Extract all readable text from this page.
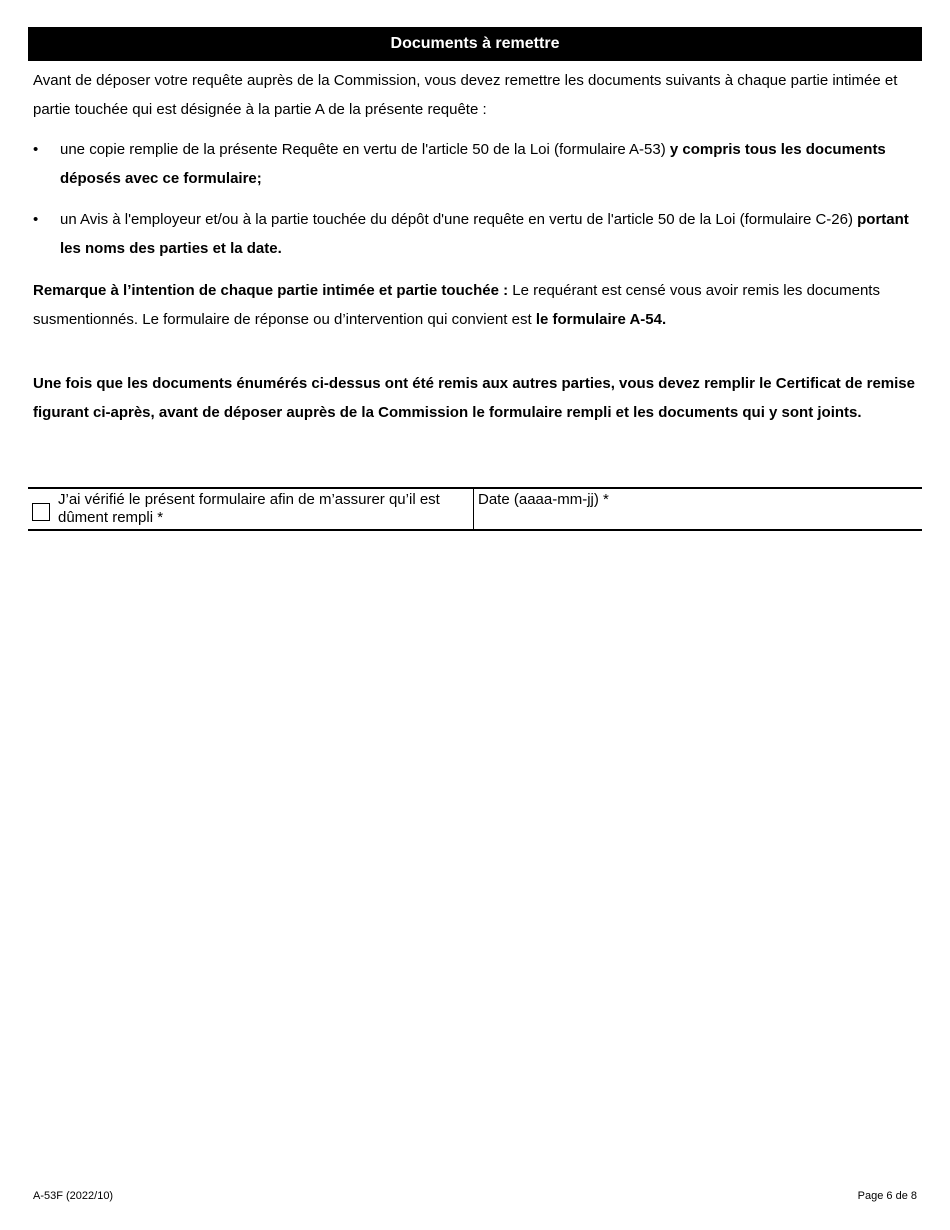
Documents à remettre

Avant de déposer votre requête auprès de la Commission, vous devez remettre les documents suivants à chaque partie intimée et partie touchée qui est désignée à la partie A de la présente requête :

•	une copie remplie de la présente Requête en vertu de l'article 50 de la Loi (formulaire A-53) y compris tous les documents déposés avec ce formulaire;
•	un Avis à l'employeur et/ou à la partie touchée du dépôt d'une requête en vertu de l'article 50 de la Loi (formulaire C-26) portant les noms des parties et la date.

Remarque à l’intention de chaque partie intimée et partie touchée : Le requérant est censé vous avoir remis les documents susmentionnés. Le formulaire de réponse ou d’intervention qui convient est le formulaire A-54.

Une fois que les documents énumérés ci-dessus ont été remis aux autres parties, vous devez remplir le Certificat de remise figurant ci-après, avant de déposer auprès de la Commission le formulaire rempli et les documents qui y sont joints.

J’ai vérifié le présent formulaire afin de m’assurer qu’il est dûment rempli *
Date (aaaa-mm-jj) *
A-53F (2022/10)	Page 6 de 8
